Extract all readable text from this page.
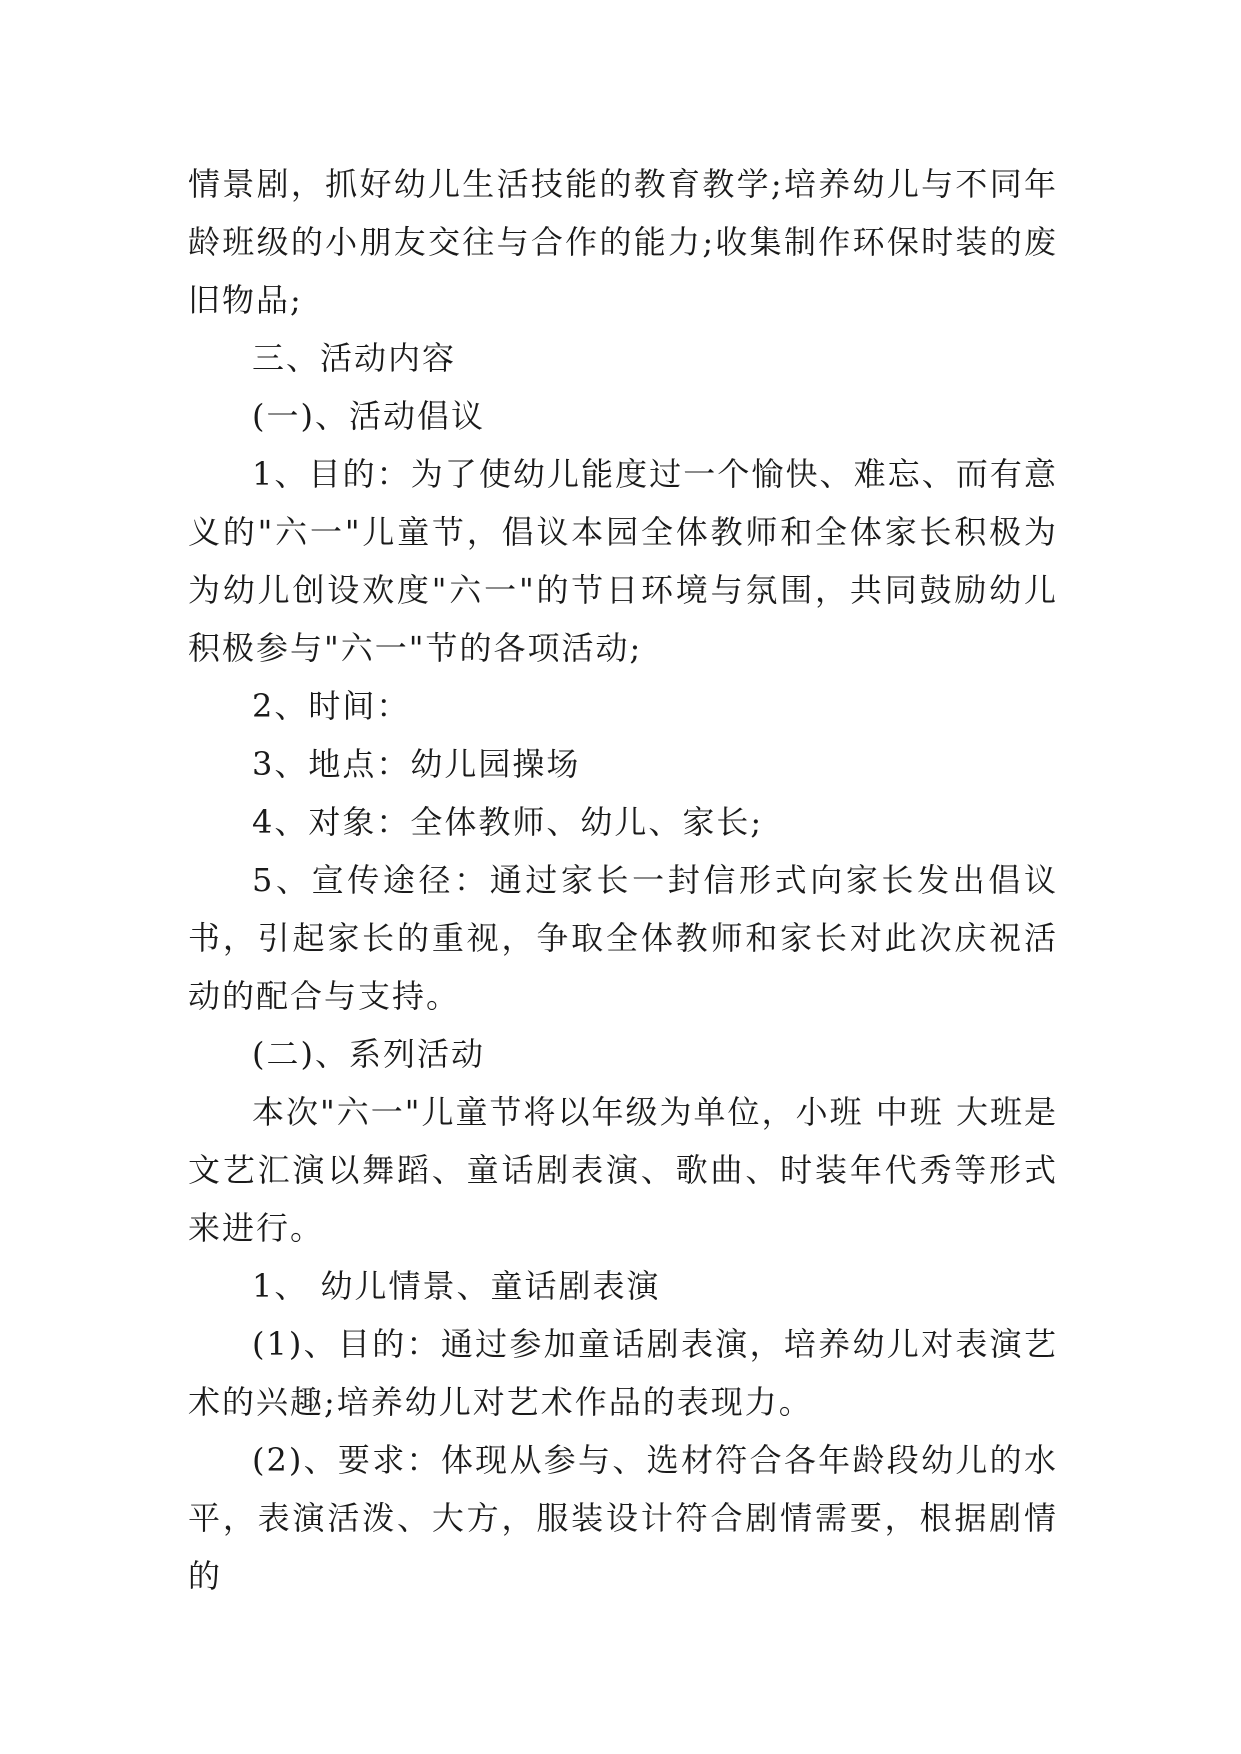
情景剧，抓好幼儿生活技能的教育教学;培养幼儿与不同年龄班级的小朋友交往与合作的能力;收集制作环保时装的废旧物品;

三、活动内容

(一)、活动倡议

1、目的：为了使幼儿能度过一个愉快、难忘、而有意义的"六一"儿童节，倡议本园全体教师和全体家长积极为为幼儿创设欢度"六一"的节日环境与氛围，共同鼓励幼儿积极参与"六一"节的各项活动;

2、时间：

3、地点：幼儿园操场

4、对象：全体教师、幼儿、家长;

5、宣传途径：通过家长一封信形式向家长发出倡议书，引起家长的重视，争取全体教师和家长对此次庆祝活动的配合与支持。

(二)、系列活动

本次"六一"儿童节将以年级为单位，小班 中班 大班是文艺汇演以舞蹈、童话剧表演、歌曲、时装年代秀等形式来进行。

1、 幼儿情景、童话剧表演

(1)、目的：通过参加童话剧表演，培养幼儿对表演艺术的兴趣;培养幼儿对艺术作品的表现力。

(2)、要求：体现从参与、选材符合各年龄段幼儿的水平，表演活泼、大方，服装设计符合剧情需要，根据剧情的
